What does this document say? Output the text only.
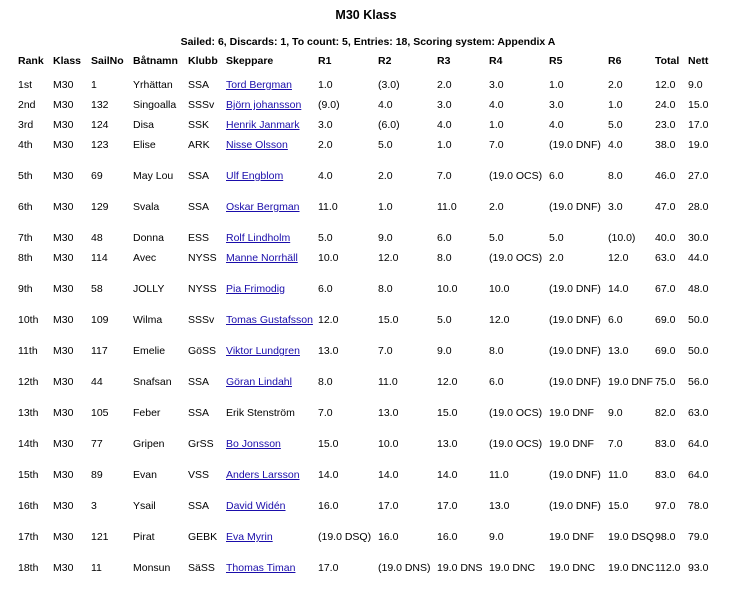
M30 Klass
Sailed: 6, Discards: 1, To count: 5, Entries: 18, Scoring system: Appendix A
Rank	Klass	SailNo	Båtnamn	Klubb	Skeppare	R1	R2	R3	R4	R5	R6	Total	Nett
1st	M30	1	Yrhättan	SSA	Tord Bergman	1.0	(3.0)	2.0	3.0	1.0	2.0	12.0	9.0
2nd	M30	132	Singoalla	SSSv	Björn johansson	(9.0)	4.0	3.0	4.0	3.0	1.0	24.0	15.0
3rd	M30	124	Disa	SSK	Henrik Janmark	3.0	(6.0)	4.0	1.0	4.0	5.0	23.0	17.0
4th	M30	123	Elise	ARK	Nisse Olsson	2.0	5.0	1.0	7.0	(19.0 DNF)	4.0	38.0	19.0
5th	M30	69	May Lou	SSA	Ulf Engblom	4.0	2.0	7.0	(19.0 OCS)	6.0	8.0	46.0	27.0
6th	M30	129	Svala	SSA	Oskar Bergman	11.0	1.0	11.0	2.0	(19.0 DNF)	3.0	47.0	28.0
7th	M30	48	Donna	ESS	Rolf Lindholm	5.0	9.0	6.0	5.0	5.0	(10.0)	40.0	30.0
8th	M30	114	Avec	NYSS	Manne Norrhäll	10.0	12.0	8.0	(19.0 OCS)	2.0	12.0	63.0	44.0
9th	M30	58	JOLLY	NYSS	Pia Frimodig	6.0	8.0	10.0	10.0	(19.0 DNF)	14.0	67.0	48.0
10th	M30	109	Wilma	SSSv	Tomas Gustafsson	12.0	15.0	5.0	12.0	(19.0 DNF)	6.0	69.0	50.0
11th	M30	117	Emelie	GöSS	Viktor Lundgren	13.0	7.0	9.0	8.0	(19.0 DNF)	13.0	69.0	50.0
12th	M30	44	Snafsan	SSA	Göran Lindahl	8.0	11.0	12.0	6.0	(19.0 DNF)	19.0 DNF	75.0	56.0
13th	M30	105	Feber	SSA	Erik Stenström	7.0	13.0	15.0	(19.0 OCS)	19.0 DNF	9.0	82.0	63.0
14th	M30	77	Gripen	GrSS	Bo Jonsson	15.0	10.0	13.0	(19.0 OCS)	19.0 DNF	7.0	83.0	64.0
15th	M30	89	Evan	VSS	Anders Larsson	14.0	14.0	14.0	11.0	(19.0 DNF)	11.0	83.0	64.0
16th	M30	3	Ysail	SSA	David Widén	16.0	17.0	17.0	13.0	(19.0 DNF)	15.0	97.0	78.0
17th	M30	121	Pirat	GEBK	Eva Myrin	(19.0 DSQ)	16.0	16.0	9.0	19.0 DNF	19.0 DSQ	98.0	79.0
18th	M30	11	Monsun	SäSS	Thomas Timan	17.0	(19.0 DNS)	19.0 DNS	19.0 DNC	19.0 DNC	19.0 DNC	112.0	93.0
